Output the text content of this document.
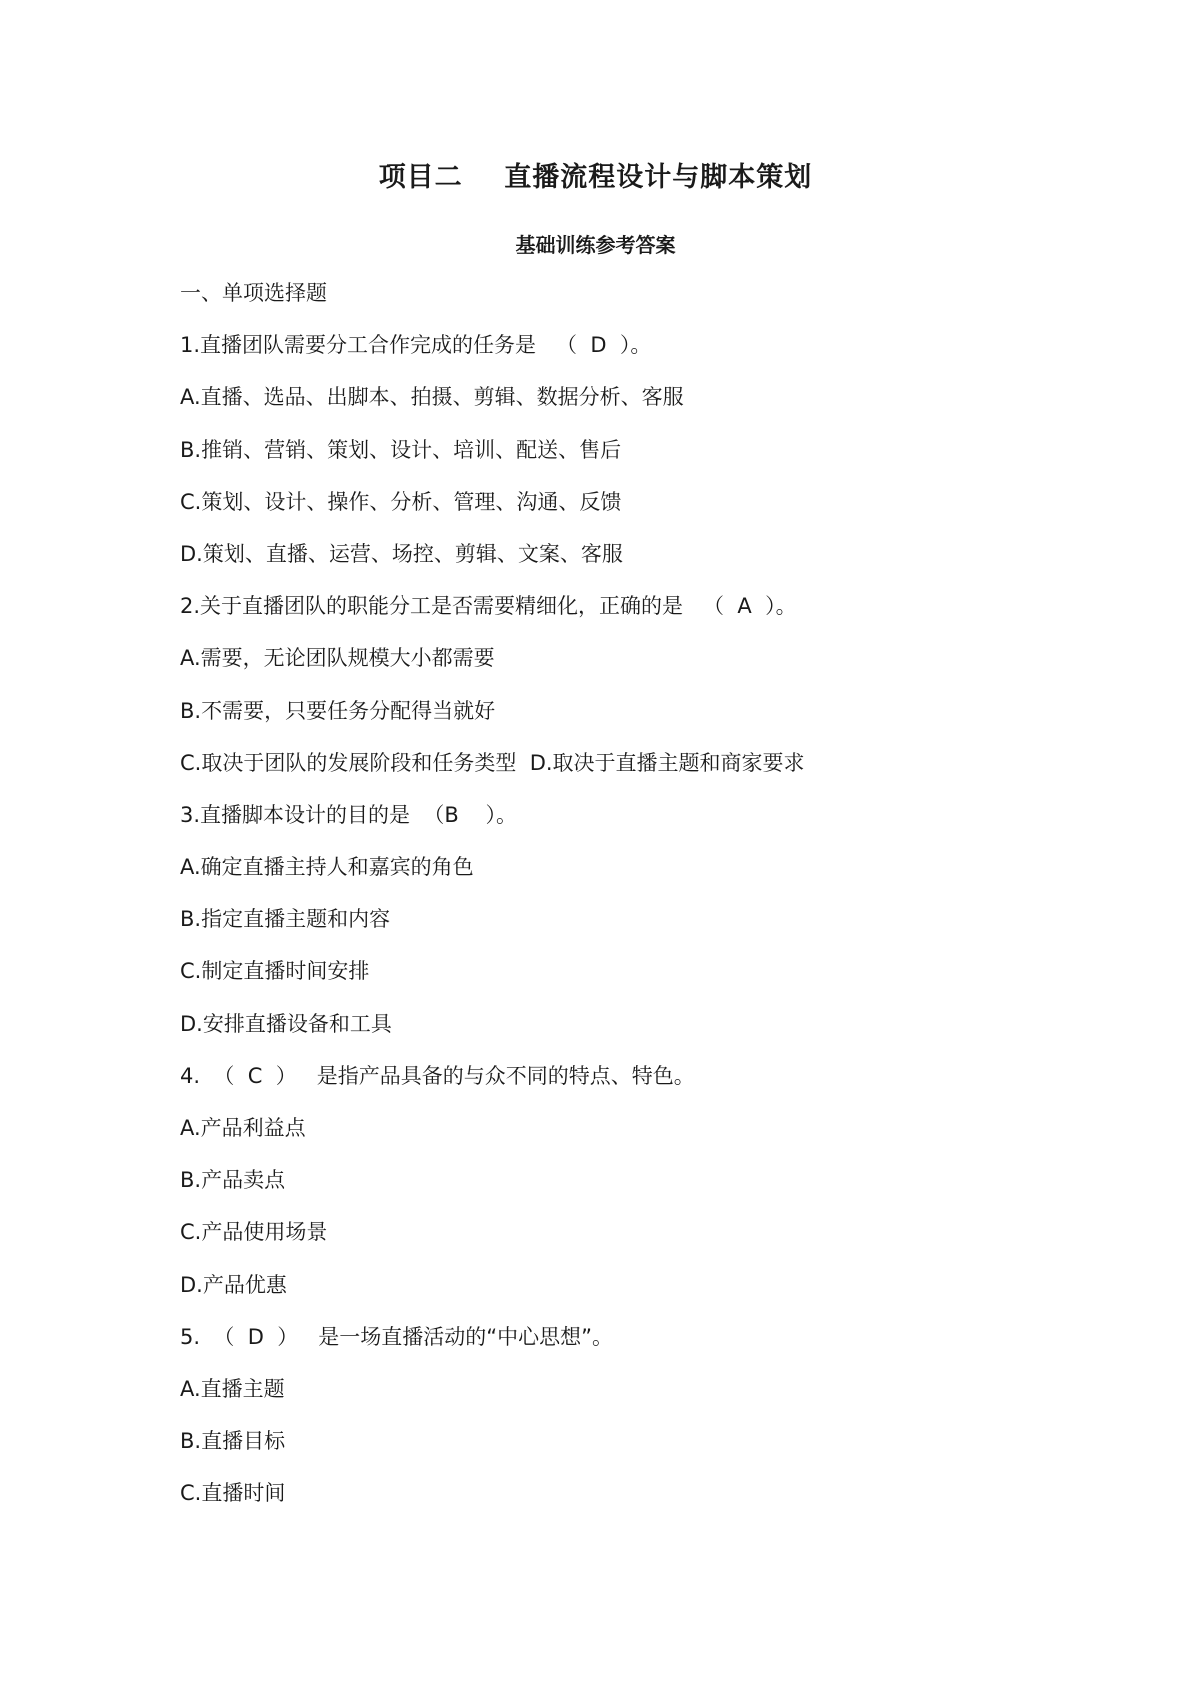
项目二    直播流程设计与脚本策划
基础训练参考答案
一、单项选择题
1.直播团队需要分工合作完成的任务是   （  D  ）。
A.直播、选品、出脚本、拍摄、剪辑、数据分析、客服
B.推销、营销、策划、设计、培训、配送、售后
C.策划、设计、操作、分析、管理、沟通、反馈
D.策划、直播、运营、场控、剪辑、文案、客服
2.关于直播团队的职能分工是否需要精细化，正确的是   （  A  ）。
A.需要，无论团队规模大小都需要
B.不需要，只要任务分配得当就好
C.取决于团队的发展阶段和任务类型  D.取决于直播主题和商家要求
3.直播脚本设计的目的是  （B    ）。
A.确定直播主持人和嘉宾的角色
B.指定直播主题和内容
C.制定直播时间安排
D.安排直播设备和工具
4.  （  C  ）   是指产品具备的与众不同的特点、特色。
A.产品利益点
B.产品卖点
C.产品使用场景
D.产品优惠
5.  （  D  ）   是一场直播活动的“中心思想”。
A.直播主题
B.直播目标
C.直播时间
